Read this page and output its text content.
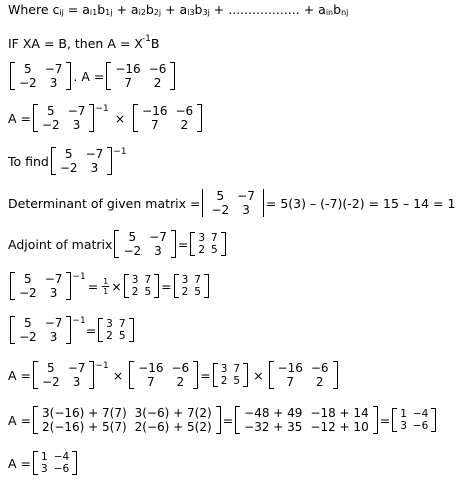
Where c ij = a i1 b 1j + a i2 b 2j + a i3 b 3j + .................. + a in b nj
IF XA = B, then A = X -1 B
5	−7
−2	3 . A = −16	−6
7	2
A = 5	−7
−2	3
−1
× −16	−6
7	2
To find 5	−7
−2	3
−1
Determinant of given matrix = 5	−7
−2	3 = 5(3) – (-7)(-2) = 15 – 14 = 1
Adjoint of matrix 5	−7
−2	3 = 3	7
2	5
5	−7
−2	3
−1
= $\frac{1}{1} \times 3$	7
2	5 = 3	7
2	5
5	−7
−2	3
−1
= 3	7
2	5
A = 5	−7
−2	3
−1
× −16	−6
7	2 = 3	7
2	5 × −16	−6
7	2
A = 3(−16) + 7(7)	3(−6) + 7(2)
2(−16) + 5(7)	2(−6) + 5(2) = −48 + 49	−18 + 14
−32 + 35	−12 + 10 = 1	−4
3	−6
A = 1	−4
3	−6
